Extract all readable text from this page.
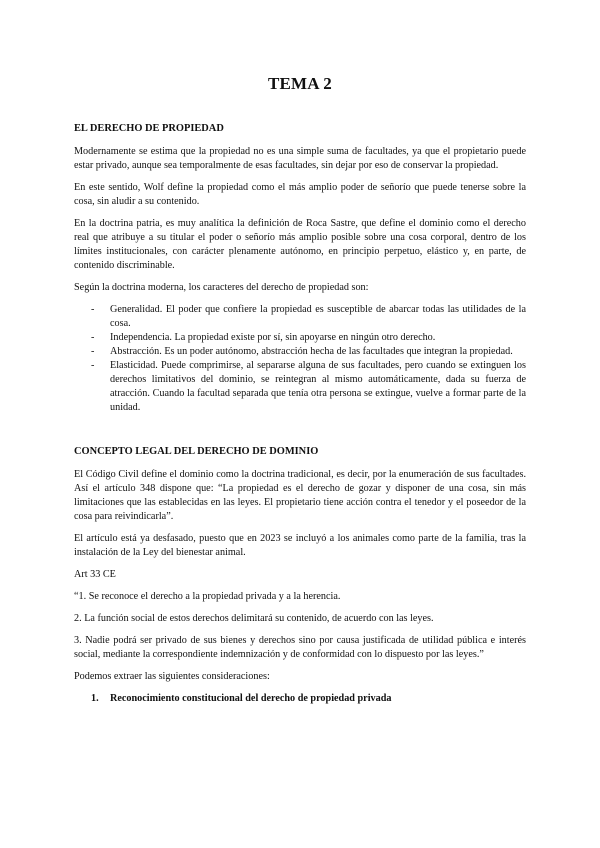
TEMA 2
EL DERECHO DE PROPIEDAD

Modernamente se estima que la propiedad no es una simple suma de facultades, ya que el propietario puede estar privado, aunque sea temporalmente de esas facultades, sin dejar por eso de conservar la propiedad.

En este sentido, Wolf define la propiedad como el más amplio poder de señorío que puede tenerse sobre la cosa, sin aludir a su contenido.

En la doctrina patria, es muy analítica la definición de Roca Sastre, que define el dominio como el derecho real que atribuye a su titular el poder o señorío más amplio posible sobre una cosa corporal, dentro de los límites institucionales, con carácter plenamente autónomo, en principio perpetuo, elástico y, en parte, de contenido discriminable.

Según la doctrina moderna, los caracteres del derecho de propiedad son:

- Generalidad. El poder que confiere la propiedad es susceptible de abarcar todas las utilidades de la cosa.
- Independencia. La propiedad existe por sí, sin apoyarse en ningún otro derecho.
- Abstracción. Es un poder autónomo, abstracción hecha de las facultades que integran la propiedad.
- Elasticidad. Puede comprimirse, al separarse alguna de sus facultades, pero cuando se extinguen los derechos limitativos del dominio, se reintegran al mismo automáticamente, dada su fuerza de atracción. Cuando la facultad separada que tenía otra persona se extingue, vuelve a formar parte de la unidad.
CONCEPTO LEGAL DEL DERECHO DE DOMINIO

El Código Civil define el dominio como la doctrina tradicional, es decir, por la enumeración de sus facultades. Así el artículo 348 dispone que: “La propiedad es el derecho de gozar y disponer de una cosa, sin más limitaciones que las establecidas en las leyes. El propietario tiene acción contra el tenedor y el poseedor de la cosa para reivindicarla”.

El artículo está ya desfasado, puesto que en 2023 se incluyó a los animales como parte de la familia, tras la instalación de la Ley del bienestar animal.

Art 33 CE

“1. Se reconoce el derecho a la propiedad privada y a la herencia.

2. La función social de estos derechos delimitará su contenido, de acuerdo con las leyes.

3. Nadie podrá ser privado de sus bienes y derechos sino por causa justificada de utilidad pública e interés social, mediante la correspondiente indemnización y de conformidad con lo dispuesto por las leyes.”

Podemos extraer las siguientes consideraciones:

1. Reconocimiento constitucional del derecho de propiedad privada
